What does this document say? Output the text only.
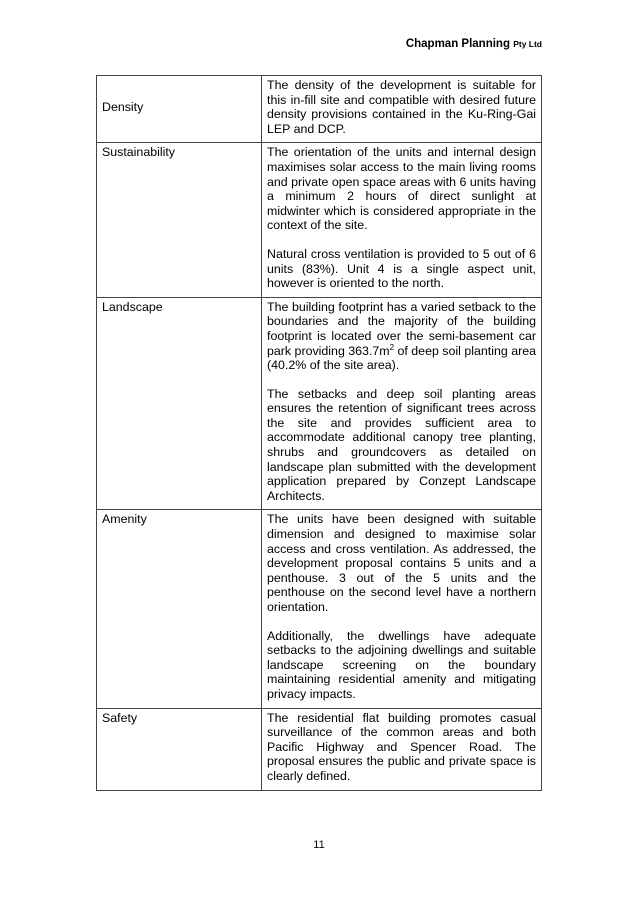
Chapman Planning Pty Ltd
Density	The density of the development is suitable for this in-fill site and compatible with desired future density provisions contained in the Ku-Ring-Gai LEP and DCP.

Sustainability	The orientation of the units and internal design maximises solar access to the main living rooms and private open space areas with 6 units having a minimum 2 hours of direct sunlight at midwinter which is considered appropriate in the context of the site.

Natural cross ventilation is provided to 5 out of 6 units (83%). Unit 4 is a single aspect unit, however is oriented to the north.

Landscape	The building footprint has a varied setback to the boundaries and the majority of the building footprint is located over the semi-basement car park providing $363.7m^2$ of deep soil planting area (40.2% of the site area).

The setbacks and deep soil planting areas ensures the retention of significant trees across the site and provides sufficient area to accommodate additional canopy tree planting, shrubs and groundcovers as detailed on landscape plan submitted with the development application prepared by Conzept Landscape Architects.

Amenity	The units have been designed with suitable dimension and designed to maximise solar access and cross ventilation. As addressed, the development proposal contains 5 units and a penthouse. 3 out of the 5 units and the penthouse on the second level have a northern orientation.

Additionally, the dwellings have adequate setbacks to the adjoining dwellings and suitable landscape screening on the boundary maintaining residential amenity and mitigating privacy impacts.

Safety	The residential flat building promotes casual surveillance of the common areas and both Pacific Highway and Spencer Road. The proposal ensures the public and private space is clearly defined.

11
